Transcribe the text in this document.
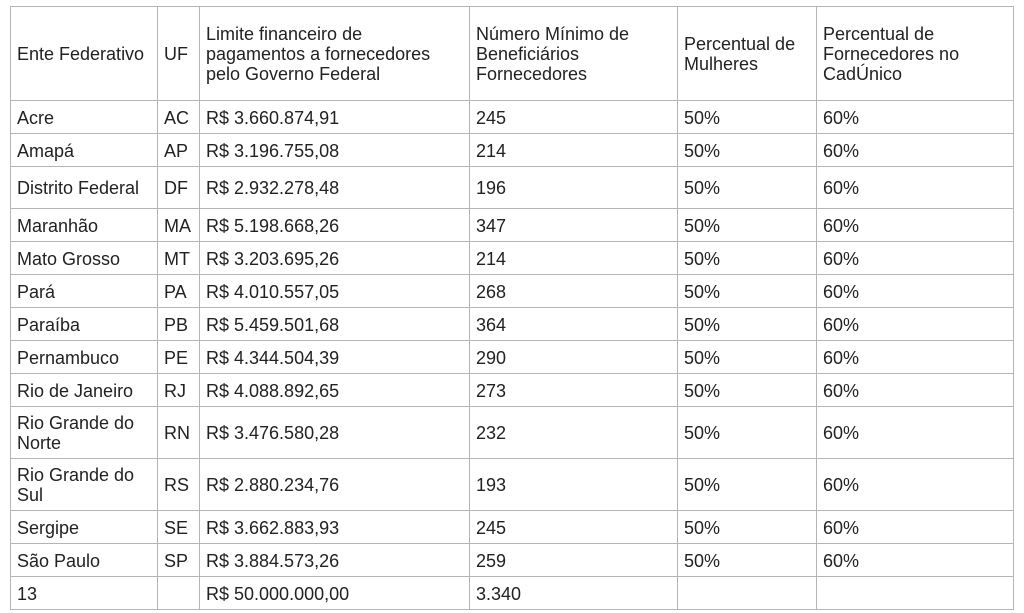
Ente Federativo	UF	Limite financeiro de pagamentos a fornecedores pelo Governo Federal	Número Mínimo de Beneficiários Fornecedores	Percentual de Mulheres	Percentual de Fornecedores no CadÚnico
Acre	AC	R$ 3.660.874,91	245	50%	60%
Amapá	AP	R$ 3.196.755,08	214	50%	60%
Distrito Federal	DF	R$ 2.932.278,48	196	50%	60%
Maranhão	MA	R$ 5.198.668,26	347	50%	60%
Mato Grosso	MT	R$ 3.203.695,26	214	50%	60%
Pará	PA	R$ 4.010.557,05	268	50%	60%
Paraíba	PB	R$ 5.459.501,68	364	50%	60%
Pernambuco	PE	R$ 4.344.504,39	290	50%	60%
Rio de Janeiro	RJ	R$ 4.088.892,65	273	50%	60%
Rio Grande do Norte	RN	R$ 3.476.580,28	232	50%	60%
Rio Grande do Sul	RS	R$ 2.880.234,76	193	50%	60%
Sergipe	SE	R$ 3.662.883,93	245	50%	60%
São Paulo	SP	R$ 3.884.573,26	259	50%	60%
13		R$ 50.000.000,00	3.340		
